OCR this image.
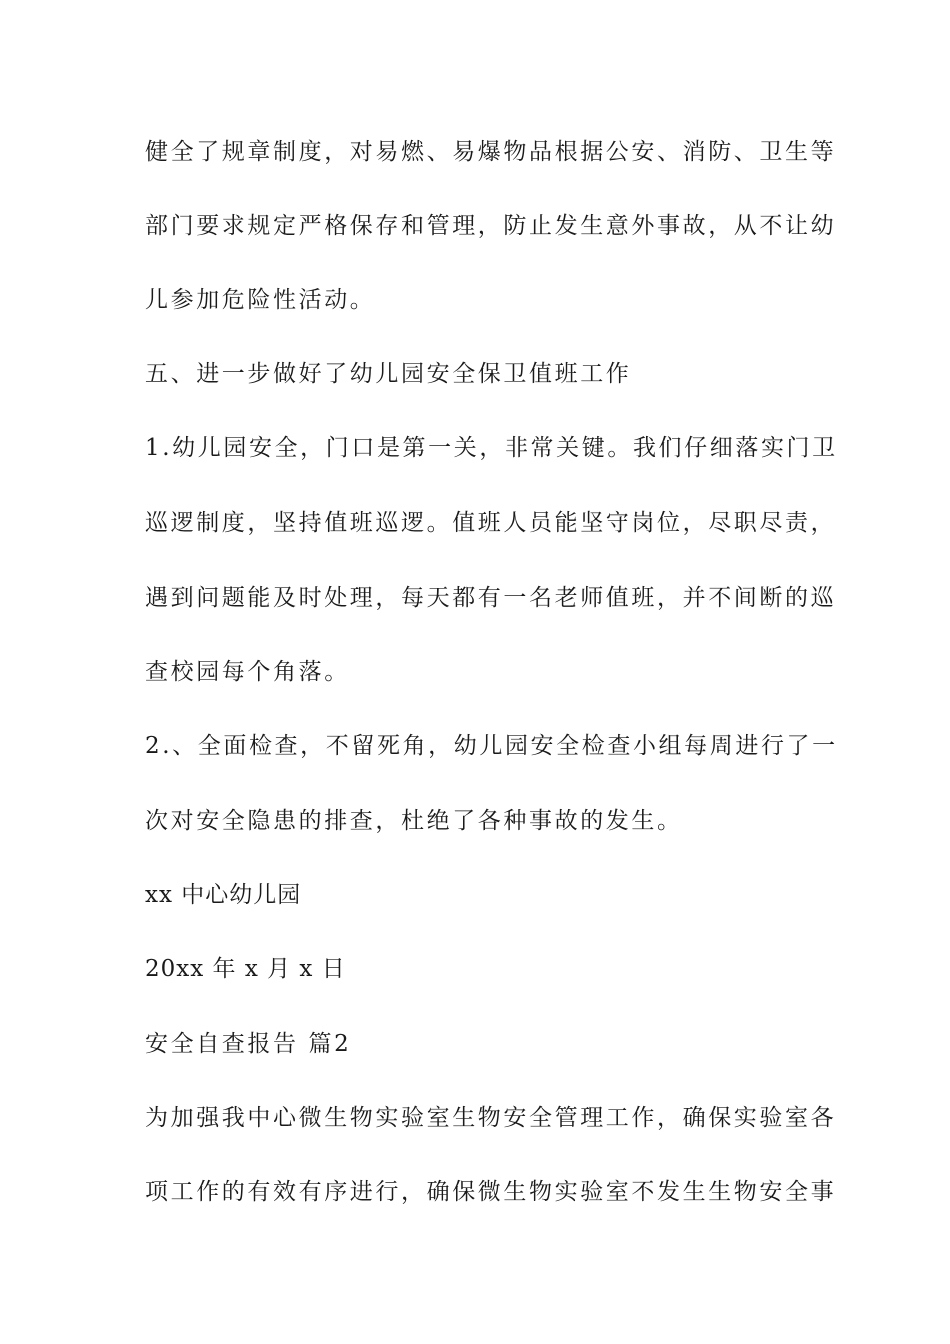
健全了规章制度，对易燃、易爆物品根据公安、消防、卫生等
部门要求规定严格保存和管理，防止发生意外事故，从不让幼
儿参加危险性活动。
五、进一步做好了幼儿园安全保卫值班工作
1.幼儿园安全，门口是第一关，非常关键。我们仔细落实门卫
巡逻制度，坚持值班巡逻。值班人员能坚守岗位，尽职尽责，
遇到问题能及时处理，每天都有一名老师值班，并不间断的巡
查校园每个角落。
2.、全面检查，不留死角，幼儿园安全检查小组每周进行了一
次对安全隐患的排查，杜绝了各种事故的发生。
xx 中心幼儿园
20xx 年 x 月 x 日
安全自查报告 篇2
为加强我中心微生物实验室生物安全管理工作，确保实验室各
项工作的有效有序进行，确保微生物实验室不发生生物安全事
